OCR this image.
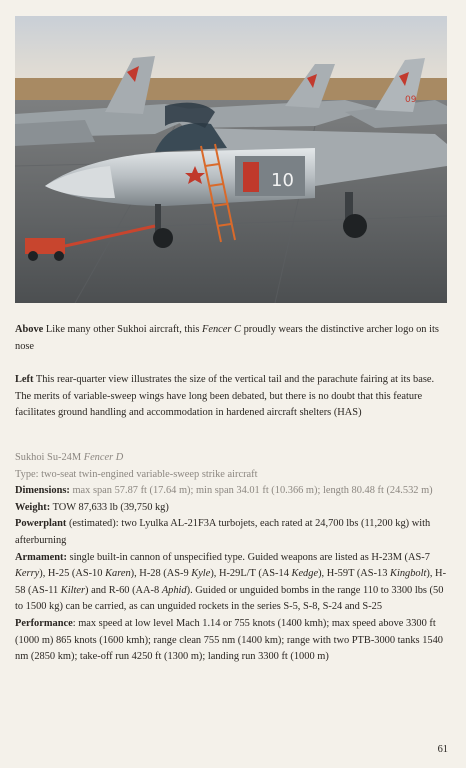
09
10

Above Like many other Sukhoi aircraft, this Fencer C proudly wears the distinctive archer logo on its nose

Left This rear-quarter view illustrates the size of the vertical tail and the parachute fairing at its base. The merits of variable-sweep wings have long been debated, but there is no doubt that this feature facilitates ground handling and accommodation in hardened aircraft shelters (HAS)

Sukhoi Su-24M Fencer D

Type: two-seat twin-engined variable-sweep strike aircraft

Dimensions: max span 57.87 ft (17.64 m); min span 34.01 ft (10.366 m); length 80.48 ft (24.532 m)

Weight: TOW 87,633 lb (39,750 kg)

Powerplant (estimated): two Lyulka AL-21F3A turbojets, each rated at 24,700 lbs (11,200 kg) with afterburning

Armament: single built-in cannon of unspecified type. Guided weapons are listed as H-23M (AS-7 Kerry), H-25 (AS-10 Karen), H-28 (AS-9 Kyle), H-29L/T (AS-14 Kedge), H-59T (AS-13 Kingbolt), H-58 (AS-11 Kilter) and R-60 (AA-8 Aphid). Guided or unguided bombs in the range 110 to 3300 lbs (50 to 1500 kg) can be carried, as can unguided rockets in the series S-5, S-8, S-24 and S-25

Performance: max speed at low level Mach 1.14 or 755 knots (1400 kmh); max speed above 3300 ft (1000 m) 865 knots (1600 kmh); range clean 755 nm (1400 km); range with two PTB-3000 tanks 1540 nm (2850 km); take-off run 4250 ft (1300 m); landing run 3300 ft (1000 m)

61
